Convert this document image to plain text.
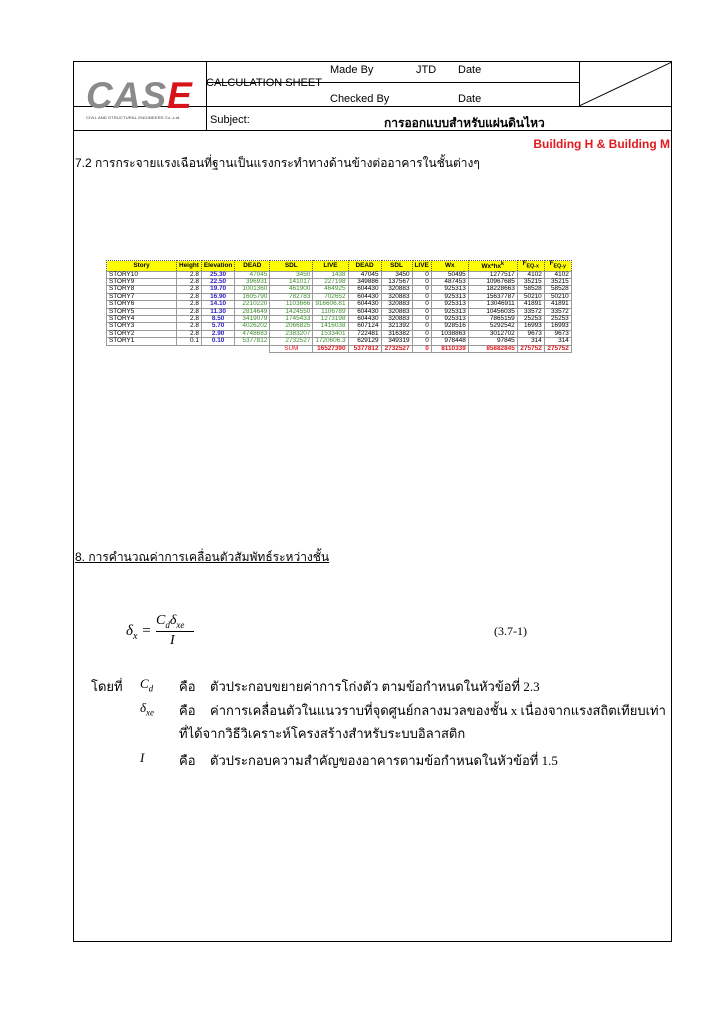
CASE
CIVIL AND STRUCTURAL ENGINEERS Co.,Ltd.
Made By	JTD Date
CALCULATION SHEET
Checked By	Date
Subject:	การออกแบบสำหรับแผ่นดินไหว
Building H & Building M
7.2 การกระจายแรงเฉือนที่ฐานเป็นแรงกระทำทางด้านข้างต่ออาคารในชั้นต่างๆ
Story	Height	Elevation	DEAD	SDL	LIVE	DEAD	SDL	LIVE	Wx	$Wx*hx^k$	$F_{EQ-x}$	$F_{EQ-y}$
STORY10	2.8	25.30	47045	3450	1438	47045	3450	0	50495	1277517	4102	4102
STORY9	2.8	22.50	396931	141017	227198	349886	137567	0	487453	10967685	35215	35215
STORY8	2.8	19.70	1001360	461900	464925	604430	320883	0	925313	18228663	58528	58528
STORY7	2.8	16.90	1605790	782783	702652	604430	320883	0	925313	15637787	50210	50210
STORY6	2.8	14.10	2210220	1103666	916606.81	604430	320883	0	925313	13046911	41891	41891
STORY5	2.8	11.30	2814649	1424550	1106789	604430	320883	0	925313	10456035	33572	33572
STORY4	2.8	8.50	3419079	1745433	1273198	604430	320883	0	925313	7865159	25253	25253
STORY3	2.8	5.70	4026202	2066825	1416038	607124	321392	0	928516	5292542	16993	16993
STORY2	2.8	2.90	4748683	2383207	1533401	722481	316382	0	1038863	3012702	9673	9673
STORY1	0.1	0.10	5377812	2732527	1720606.3	629129	349319	0	978448	97845	314	314
				SUM	16527390	5377812	2732527	0	8110339	85882845	275752	275752
8. การคำนวณค่าการเคลื่อนตัวสัมพัทธ์ระหว่างชั้น
$\delta_x$ =
$C_d\delta_{xe}$
I
(3.7-1)
โดยที่ $C_d$ คือ ตัวประกอบขยายค่าการโก่งตัว ตามข้อกำหนดในหัวข้อที่ 2.3
$\delta_{xe}$ คือ ค่าการเคลื่อนตัวในแนวราบที่จุดศูนย์กลางมวลของชั้น x เนื่องจากแรงสถิตเทียบเท่า
ที่ได้จากวิธีวิเคราะห์โครงสร้างสำหรับระบบอิลาสติก
I	คือ ตัวประกอบความสำคัญของอาคารตามข้อกำหนดในหัวข้อที่ 1.5
